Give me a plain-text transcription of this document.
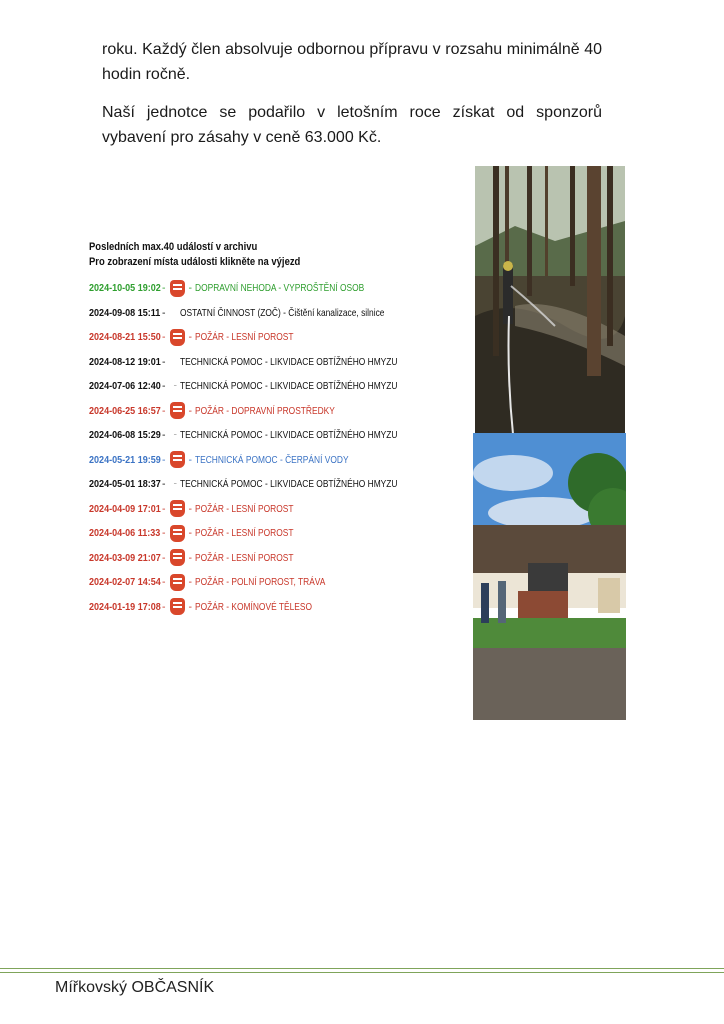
roku. Každý člen absolvuje odbornou přípravu v rozsahu minimálně 40 hodin ročně.

Naší jednotce se podařilo v letošním roce získat od sponzorů vybavení pro zásahy v ceně 63.000 Kč.

Posledních max.40 událostí v archivu
Pro zobrazení místa události klikněte na výjezd
2024-10-05 19:02 - - DOPRAVNÍ NEHODA - VYPROŠTĚNÍ OSOB
2024-09-08 15:11 - - OSTATNÍ ČINNOST (ZOČ) - Čištění kanalizace, silnice
2024-08-21 15:50 - - POŽÁR - LESNÍ POROST
2024-08-12 19:01 - - TECHNICKÁ POMOC - LIKVIDACE OBTÍŽNÉHO HMYZU
2024-07-06 12:40 - - TECHNICKÁ POMOC - LIKVIDACE OBTÍŽNÉHO HMYZU
2024-06-25 16:57 - - POŽÁR - DOPRAVNÍ PROSTŘEDKY
2024-06-08 15:29 - - TECHNICKÁ POMOC - LIKVIDACE OBTÍŽNÉHO HMYZU
2024-05-21 19:59 - - TECHNICKÁ POMOC - ČERPÁNÍ VODY
2024-05-01 18:37 - - TECHNICKÁ POMOC - LIKVIDACE OBTÍŽNÉHO HMYZU
2024-04-09 17:01 - - POŽÁR - LESNÍ POROST
2024-04-06 11:33 - - POŽÁR - LESNÍ POROST
2024-03-09 21:07 - - POŽÁR - LESNÍ POROST
2024-02-07 14:54 - - POŽÁR - POLNÍ POROST, TRÁVA
2024-01-19 17:08 - - POŽÁR - KOMÍNOVÉ TĚLESO
Mířkovský OBČASNÍK
